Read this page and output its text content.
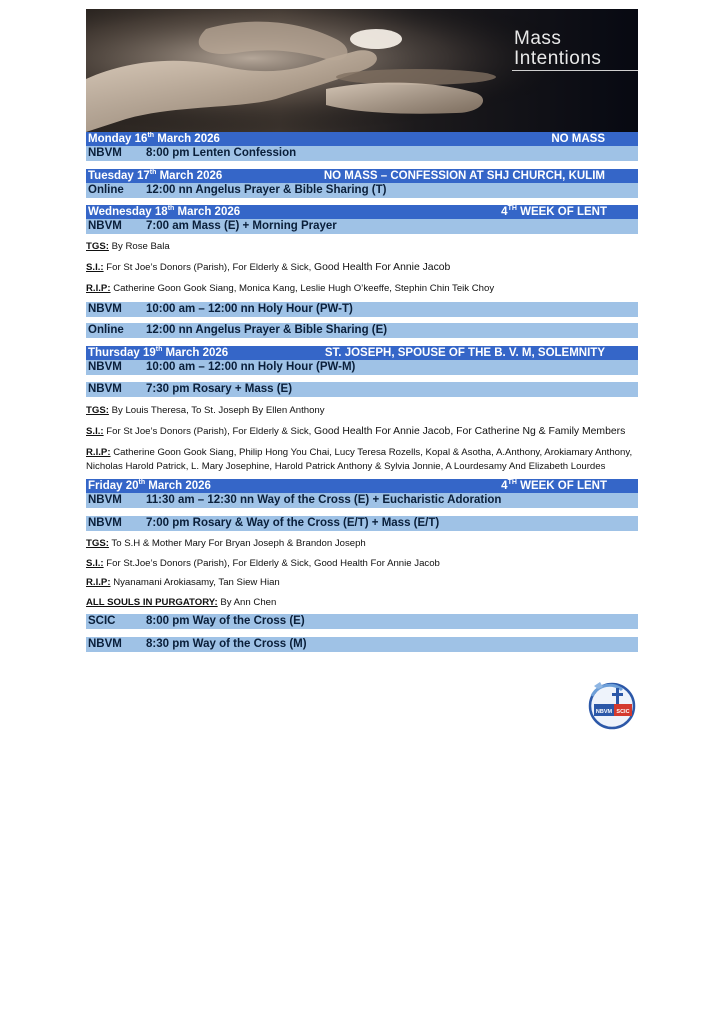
Mass Intentions
Monday 16th March 2026	NO MASS
NBVM 8:00 pm Lenten Confession
Tuesday 17th March 2026	NO MASS – CONFESSION AT SHJ CHURCH, KULIM
Online 12:00 nn Angelus Prayer & Bible Sharing (T)
Wednesday 18th March 2026	4TH WEEK OF LENT
NBVM 7:00 am Mass (E) + Morning Prayer
TGS: By Rose Bala
S.I.: For St Joe’s Donors (Parish), For Elderly & Sick, Good Health For Annie Jacob
R.I.P: Catherine Goon Gook Siang, Monica Kang, Leslie Hugh O’keeffe, Stephin Chin Teik Choy
NBVM 10:00 am – 12:00 nn Holy Hour (PW-T)
Online 12:00 nn Angelus Prayer & Bible Sharing (E)
Thursday 19th March 2026	ST. JOSEPH, SPOUSE OF THE B. V. M, SOLEMNITY
NBVM 10:00 am – 12:00 nn Holy Hour (PW-M)
NBVM 7:30 pm Rosary + Mass (E)
TGS: By Louis Theresa, To St. Joseph By Ellen Anthony
S.I.: For St Joe’s Donors (Parish), For Elderly & Sick, Good Health For Annie Jacob, For Catherine Ng & Family Members
R.I.P: Catherine Goon Gook Siang, Philip Hong You Chai, Lucy Teresa Rozells, Kopal & Asotha, A.Anthony, Arokiamary Anthony,
Nicholas Harold Patrick, L. Mary Josephine, Harold Patrick Anthony & Sylvia Jonnie, A Lourdesamy And Elizabeth Lourdes
Friday 20th March 2026	4TH WEEK OF LENT
NBVM 11:30 am – 12:30 nn Way of the Cross (E) + Eucharistic Adoration
NBVM 7:00 pm Rosary & Way of the Cross (E/T) + Mass (E/T)
TGS: To S.H & Mother Mary For Bryan Joseph & Brandon Joseph
S.I.: For St.Joe’s Donors (Parish), For Elderly & Sick, Good Health For Annie Jacob
R.I.P: Nyanamani Arokiasamy, Tan Siew Hian
ALL SOULS IN PURGATORY: By Ann Chen
SCIC	8:00 pm Way of the Cross (E)
NBVM 8:30 pm Way of the Cross (M)
NBVM SCIC
